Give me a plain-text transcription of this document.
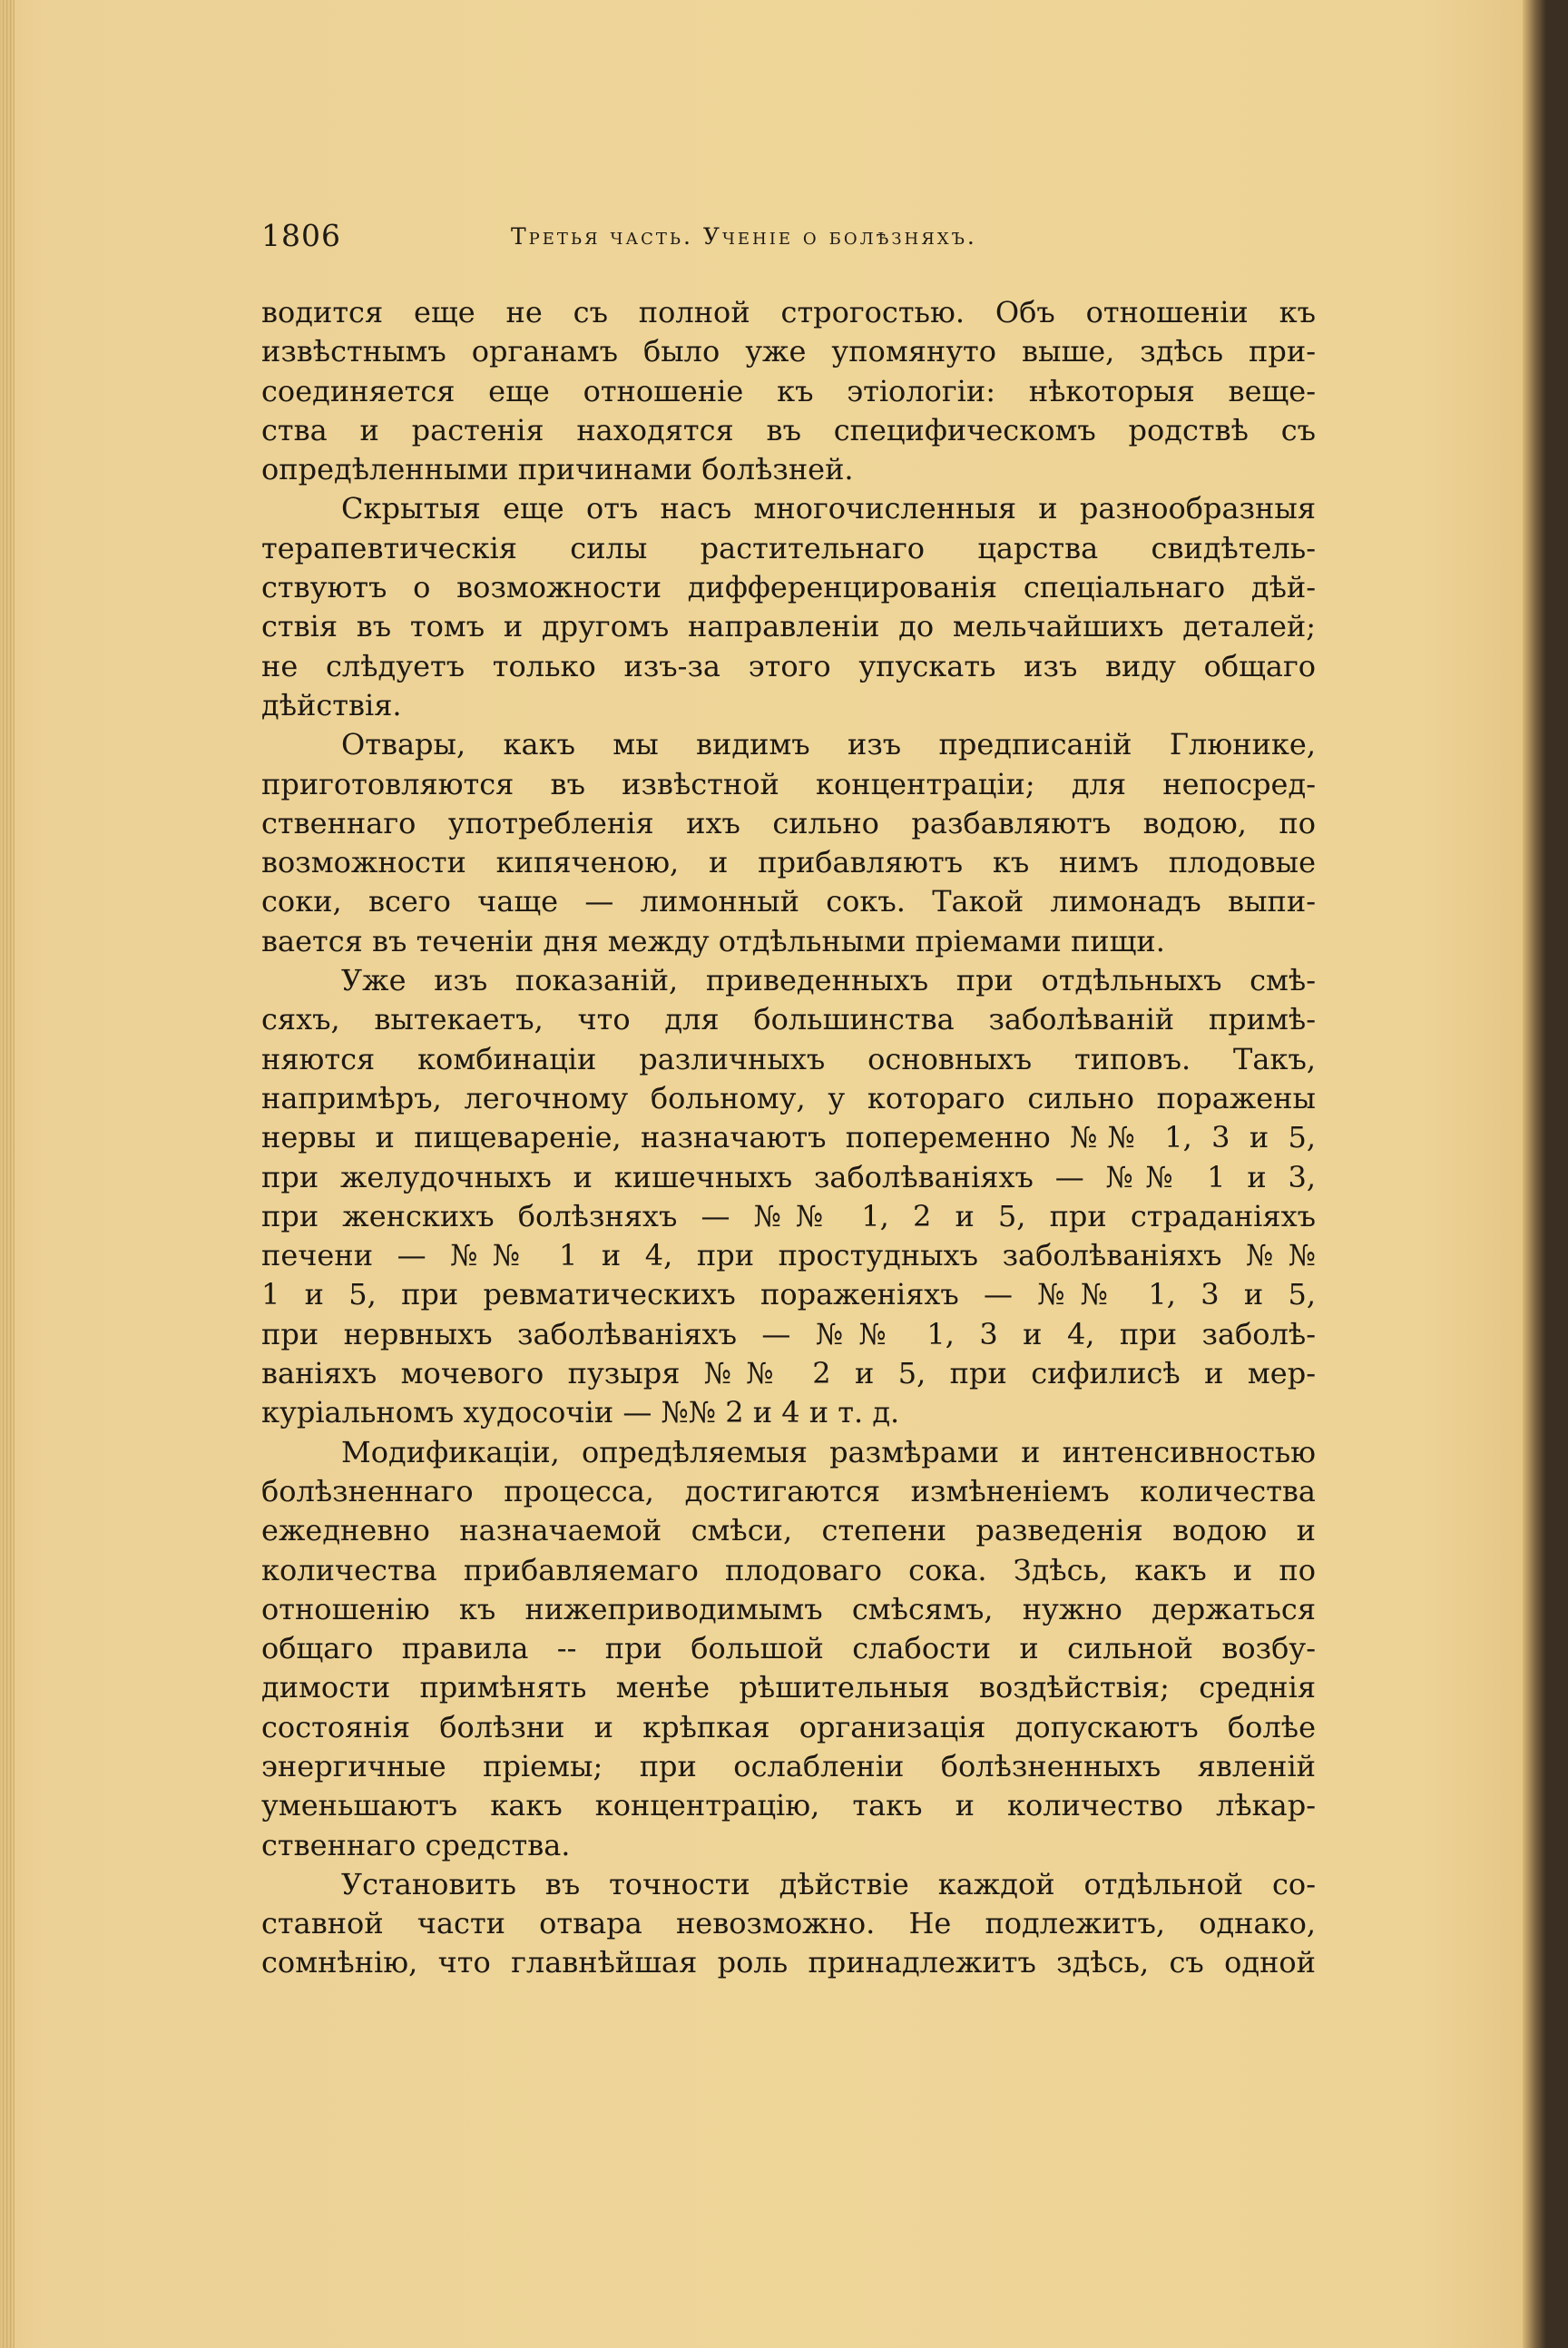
1806	Третья часть. Ученіе о болѣзняхъ.
водится еще не съ полной строгостью. Объ отношеніи къ
извѣстнымъ органамъ было уже упомянуто выше, здѣсь при-
соединяется еще отношеніе къ этіологіи: нѣкоторыя веще-
ства и растенія находятся въ специфическомъ родствѣ съ
опредѣленными причинами болѣзней.
Скрытыя еще отъ насъ многочисленныя и разнообразныя
терапевтическія силы растительнаго царства свидѣтель-
ствуютъ о возможности дифференцированія спеціальнаго дѣй-
ствія въ томъ и другомъ направленіи до мельчайшихъ деталей;
не слѣдуетъ только изъ-за этого упускать изъ виду общаго
дѣйствія.
Отвары, какъ мы видимъ изъ предписаній Глюнике,
приготовляются въ извѣстной концентраціи; для непосред-
ственнаго употребленія ихъ сильно разбавляютъ водою, по
возможности кипяченою, и прибавляютъ къ нимъ плодовые
соки, всего чаще — лимонный сокъ. Такой лимонадъ выпи-
вается въ теченіи дня между отдѣльными пріемами пищи.
Уже изъ показаній, приведенныхъ при отдѣльныхъ смѣ-
сяхъ, вытекаетъ, что для большинства заболѣваній примѣ-
няются комбинаціи различныхъ основныхъ типовъ. Такъ,
напримѣръ, легочному больному, у котораго сильно поражены
нервы и пищевареніе, назначаютъ попеременно №№ 1, 3 и 5,
при желудочныхъ и кишечныхъ заболѣваніяхъ — №№ 1 и 3,
при женскихъ болѣзняхъ — №№ 1, 2 и 5, при страданіяхъ
печени — №№ 1 и 4, при простудныхъ заболѣваніяхъ №№
1 и 5, при ревматическихъ пораженіяхъ — №№ 1, 3 и 5,
при нервныхъ заболѣваніяхъ — №№ 1, 3 и 4, при заболѣ-
ваніяхъ мочевого пузыря №№ 2 и 5, при сифилисѣ и мер-
куріальномъ худосочіи — №№ 2 и 4 и т. д.
Модификаціи, опредѣляемыя размѣрами и интенсивностью
болѣзненнаго процесса, достигаются измѣненіемъ количества
ежедневно назначаемой смѣси, степени разведенія водою и
количества прибавляемаго плодоваго сока. Здѣсь, какъ и по
отношенію къ нижеприводимымъ смѣсямъ, нужно держаться
общаго правила -- при большой слабости и сильной возбу-
димости примѣнять менѣе рѣшительныя воздѣйствія; среднія
состоянія болѣзни и крѣпкая организація допускаютъ болѣе
энергичные пріемы; при ослабленіи болѣзненныхъ явленій
уменьшаютъ какъ концентрацію, такъ и количество лѣкар-
ственнаго средства.
Установить въ точности дѣйствіе каждой отдѣльной со-
ставной части отвара невозможно. Не подлежитъ, однако,
сомнѣнію, что главнѣйшая роль принадлежитъ здѣсь, съ одной
